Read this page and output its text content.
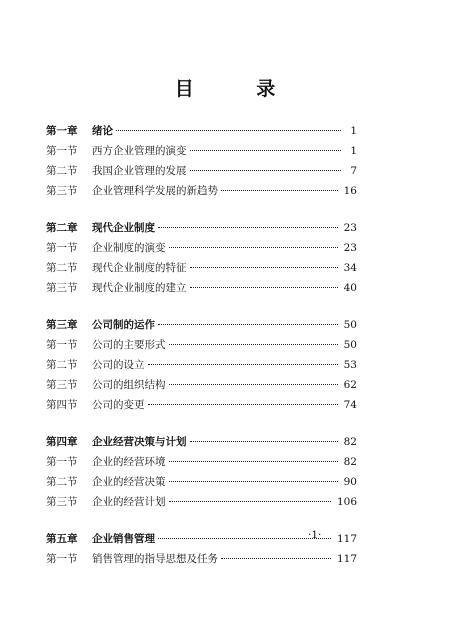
目 录
第一章	绪论	1
第一节	西方企业管理的演变	1
第二节	我国企业管理的发展	7
第三节	企业管理科学发展的新趋势	16
第二章	现代企业制度	23
第一节	企业制度的演变	23
第二节	现代企业制度的特征	34
第三节	现代企业制度的建立	40
第三章	公司制的运作	50
第一节	公司的主要形式	50
第二节	公司的设立	53
第三节	公司的组织结构	62
第四节	公司的变更	74
第四章	企业经营决策与计划	82
第一节	企业的经营环境	82
第二节	企业的经营决策	90
第三节	企业的经营计划	106
第五章	企业销售管理	117
第一节	销售管理的指导思想及任务	117
·1·
